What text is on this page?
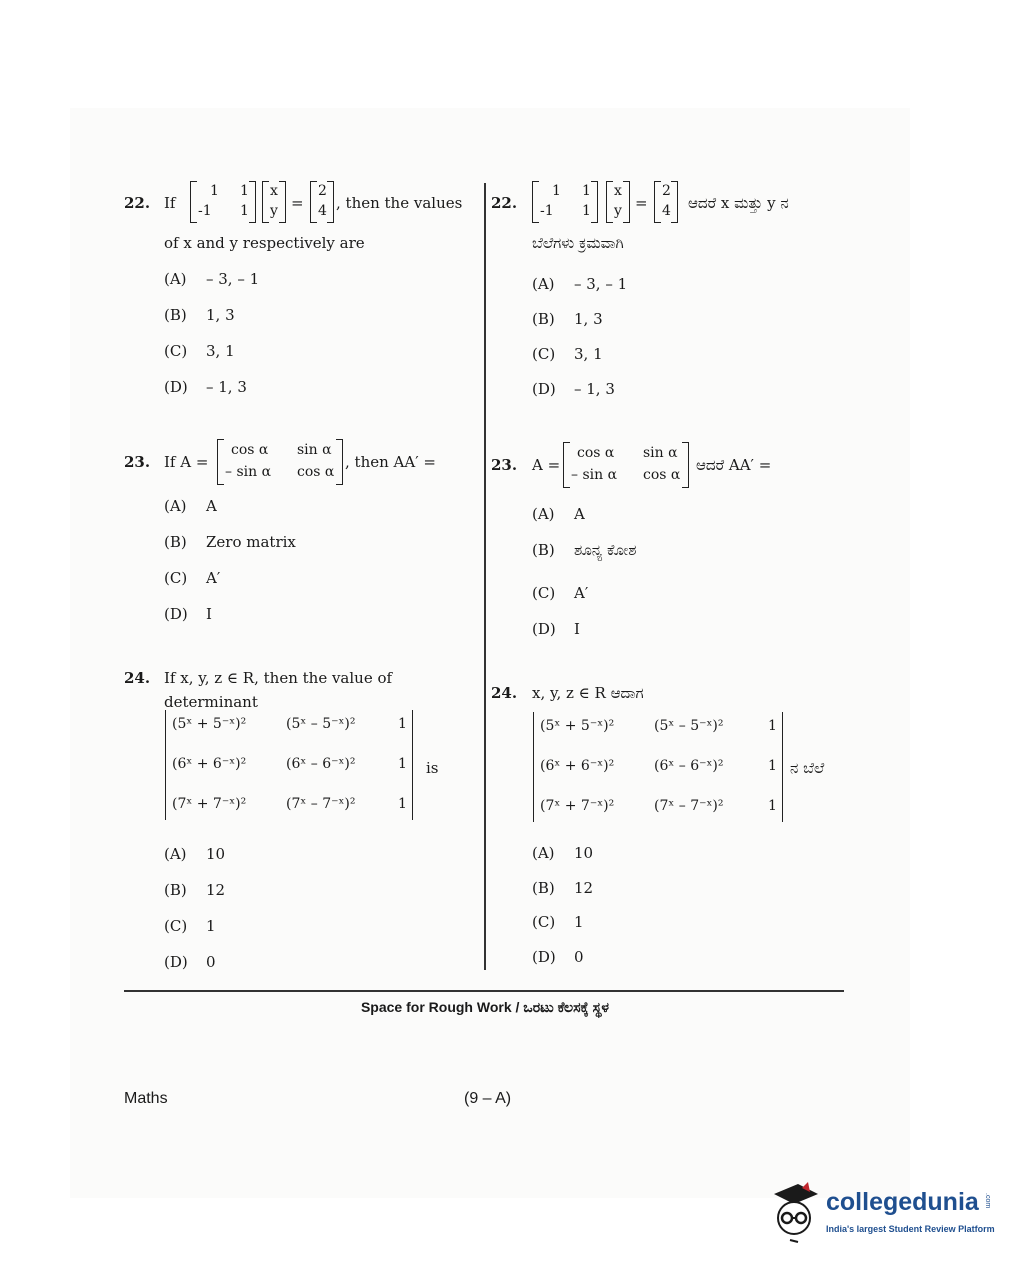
22. If
1 1
-1 1
x
y =
2
4 , then the values
of x and y respectively are
(A) – 3, – 1
(B) 1, 3
(C) 3, 1
(D) – 1, 3
22.
1 1
-1 1
x
y =
2
4 ಆದರೆ x ಮತ್ತು y ನ
ಬೆಲೆಗಳು ಕ್ರಮವಾಗಿ
(A) – 3, – 1
(B) 1, 3
(C) 3, 1
(D) – 1, 3
23. If A =
cos α sin α
– sin α cos α
, then AA′ =
(A) A
(B) Zero matrix
(C) A′
(D) I
23. A =
cos α sin α
– sin α cos α
ಆದರೆ AA′ =
(A) A
(B) ಶೂನ್ಯ ಕೋಶ
(C) A′
(D) I
24. If x, y, z ∈ R, then the value of
determinant
(5ˣ + 5⁻ˣ)²	(5ˣ – 5⁻ˣ)²	1
(6ˣ + 6⁻ˣ)²	(6ˣ – 6⁻ˣ)²	1
(7ˣ + 7⁻ˣ)²	(7ˣ – 7⁻ˣ)²	1
is
(A) 10
(B) 12
(C) 1
(D) 0
24. x, y, z ∈ R ಆದಾಗ
(5ˣ + 5⁻ˣ)²	(5ˣ – 5⁻ˣ)²	1
(6ˣ + 6⁻ˣ)²	(6ˣ – 6⁻ˣ)²	1
(7ˣ + 7⁻ˣ)²	(7ˣ – 7⁻ˣ)²	1
ನ ಬೆಲೆ
(A) 10
(B) 12
(C) 1
(D) 0
Space for Rough Work / ಒರಟು ಕೆಲಸಕ್ಕೆ ಸ್ಥಳ
Maths	(9 – A)
collegedunia .com
India's largest Student Review Platform
